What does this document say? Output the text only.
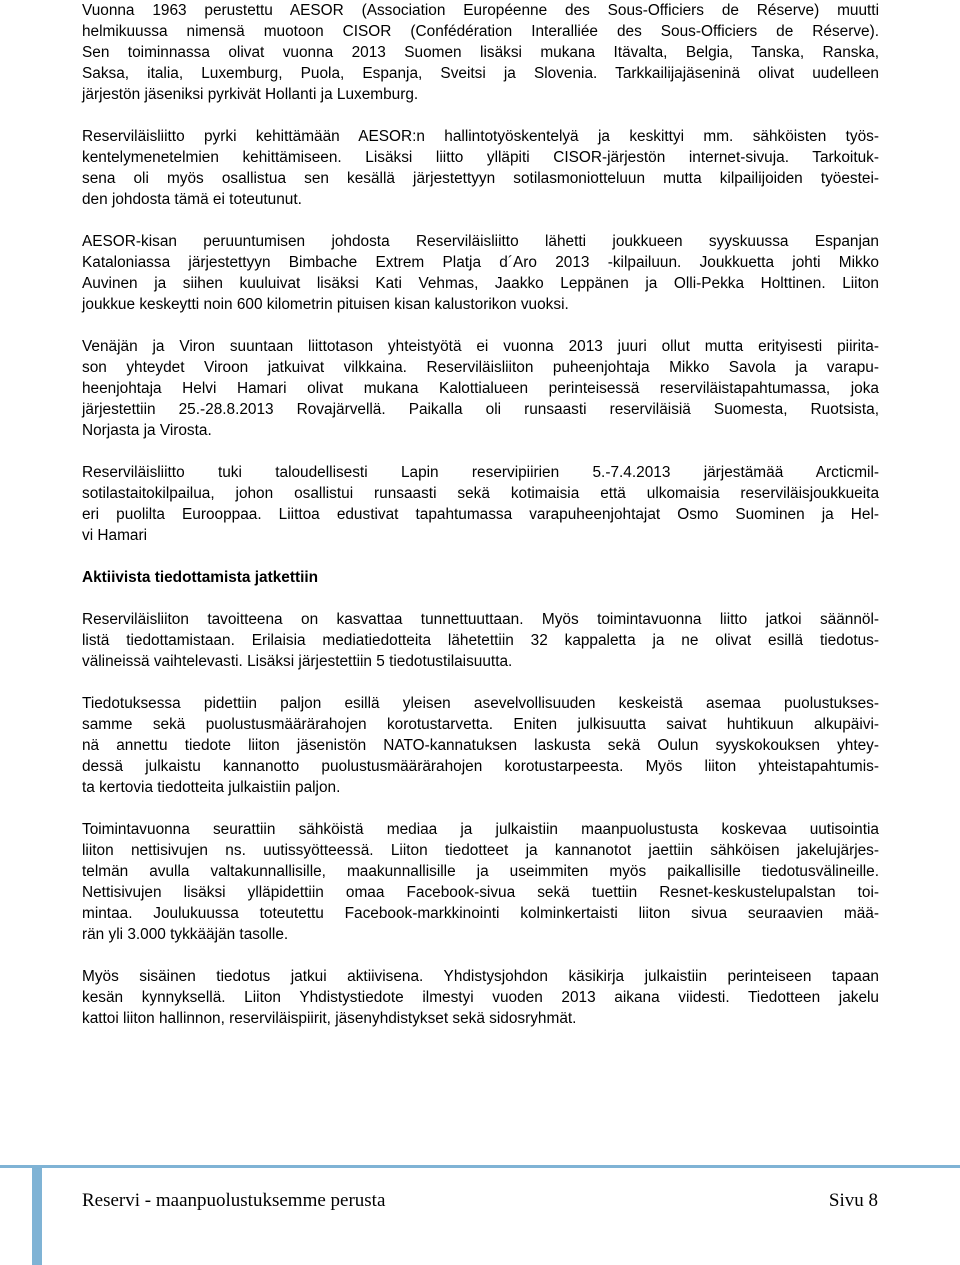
Vuonna 1963 perustettu AESOR (Association Européenne des Sous-Officiers de Réserve) muutti
helmikuussa nimensä muotoon CISOR (Confédération Interalliée des Sous-Officiers de Réserve).
Sen toiminnassa olivat vuonna 2013 Suomen lisäksi mukana Itävalta, Belgia, Tanska, Ranska,
Saksa, italia, Luxemburg, Puola, Espanja, Sveitsi ja Slovenia. Tarkkailijajäseninä olivat uudelleen
järjestön jäseniksi pyrkivät Hollanti ja Luxemburg.

Reserviläisliitto pyrki kehittämään AESOR:n hallintotyöskentelyä ja keskittyi mm. sähköisten työs-
kentelymenetelmien kehittämiseen. Lisäksi liitto ylläpiti CISOR-järjestön internet-sivuja. Tarkoituk-
sena oli myös osallistua sen kesällä järjestettyyn sotilasmoniotteluun mutta kilpailijoiden työestei-
den johdosta tämä ei toteutunut.

AESOR-kisan peruuntumisen johdosta Reserviläisliitto lähetti joukkueen syyskuussa Espanjan
Kataloniassa järjestettyyn Bimbache Extrem Platja d´Aro 2013 -kilpailuun. Joukkuetta johti Mikko
Auvinen ja siihen kuuluivat lisäksi Kati Vehmas, Jaakko Leppänen ja Olli-Pekka Holttinen. Liiton
joukkue keskeytti noin 600 kilometrin pituisen kisan kalustorikon vuoksi.

Venäjän ja Viron suuntaan liittotason yhteistyötä ei vuonna 2013 juuri ollut mutta erityisesti piirita-
son yhteydet Viroon jatkuivat vilkkaina. Reserviläisliiton puheenjohtaja Mikko Savola ja varapu-
heenjohtaja Helvi Hamari olivat mukana Kalottialueen perinteisessä reserviläistapahtumassa, joka
järjestettiin 25.-28.8.2013 Rovajärvellä. Paikalla oli runsaasti reserviläisiä Suomesta, Ruotsista,
Norjasta ja Virosta.

Reserviläisliitto tuki taloudellisesti Lapin reservipiirien 5.-7.4.2013 järjestämää Arcticmil-
sotilastaitokilpailua, johon osallistui runsaasti sekä kotimaisia että ulkomaisia reserviläisjoukkueita
eri puolilta Eurooppaa. Liittoa edustivat tapahtumassa varapuheenjohtajat Osmo Suominen ja Hel-
vi Hamari

Aktiivista tiedottamista jatkettiin

Reserviläisliiton tavoitteena on kasvattaa tunnettuuttaan. Myös toimintavuonna liitto jatkoi säännöl-
listä tiedottamistaan. Erilaisia mediatiedotteita lähetettiin 32 kappaletta ja ne olivat esillä tiedotus-
välineissä vaihtelevasti. Lisäksi järjestettiin 5 tiedotustilaisuutta.

Tiedotuksessa pidettiin paljon esillä yleisen asevelvollisuuden keskeistä asemaa puolustukses-
samme sekä puolustusmäärärahojen korotustarvetta. Eniten julkisuutta saivat huhtikuun alkupäivi-
nä annettu tiedote liiton jäsenistön NATO-kannatuksen laskusta sekä Oulun syyskokouksen yhtey-
dessä julkaistu kannanotto puolustusmäärärahojen korotustarpeesta. Myös liiton yhteistapahtumis-
ta kertovia tiedotteita julkaistiin paljon.

Toimintavuonna seurattiin sähköistä mediaa ja julkaistiin maanpuolustusta koskevaa uutisointia
liiton nettisivujen ns. uutissyötteessä. Liiton tiedotteet ja kannanotot jaettiin sähköisen jakelujärjes-
telmän avulla valtakunnallisille, maakunnallisille ja useimmiten myös paikallisille tiedotusvälineille.
Nettisivujen lisäksi ylläpidettiin omaa Facebook-sivua sekä tuettiin Resnet-keskustelupalstan toi-
mintaa. Joulukuussa toteutettu Facebook-markkinointi kolminkertaisti liiton sivua seuraavien mää-
rän yli 3.000 tykkääjän tasolle.

Myös sisäinen tiedotus jatkui aktiivisena. Yhdistysjohdon käsikirja julkaistiin perinteiseen tapaan
kesän kynnyksellä. Liiton Yhdistystiedote ilmestyi vuoden 2013 aikana viidesti. Tiedotteen jakelu
kattoi liiton hallinnon, reserviläispiirit, jäsenyhdistykset sekä sidosryhmät.

Reservi - maanpuolustuksemme perusta	Sivu 8
